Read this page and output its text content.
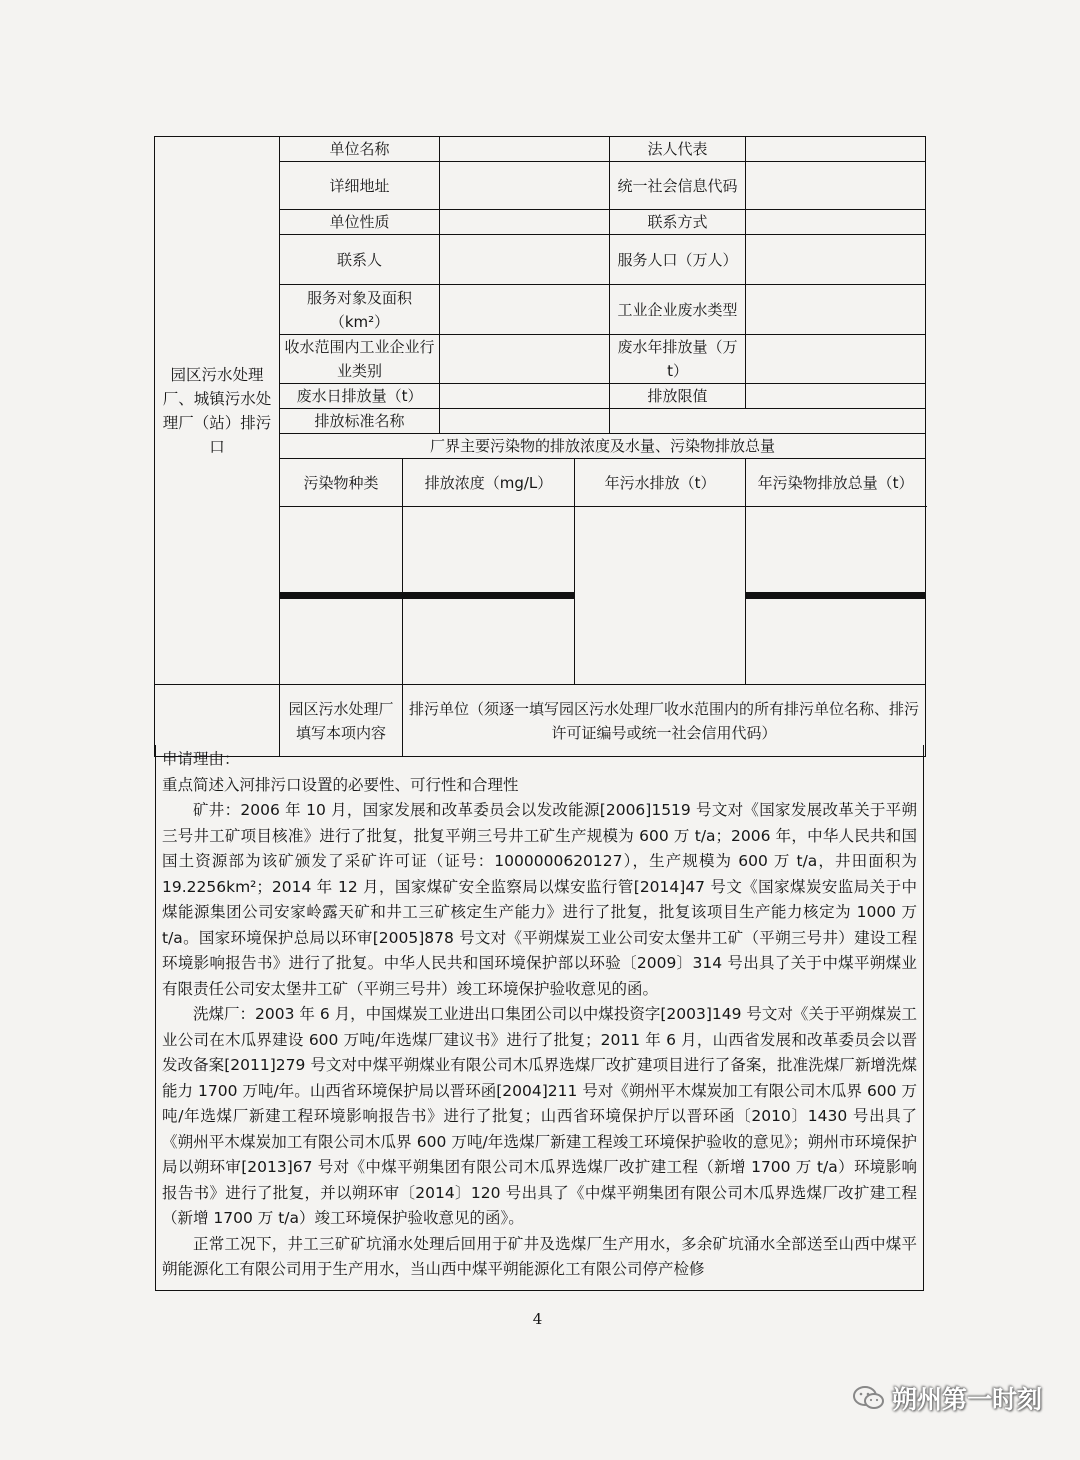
园区污水处理厂、城镇污水处理厂（站）排污口	单位名称				法人代表	
	详细地址				统一社会信息代码	
	单位性质				联系方式	
	联系人				服务人口（万人）	
	服务对象及面积（km²）				工业企业废水类型	
	收水范围内工业企业行业类别				废水年排放量（万t）	
	废水日排放量（t）				排放限值	
	排放标准名称					
	厂界主要污染物的排放浓度及水量、污染物排放总量					
	污染物种类	排放浓度（mg/L）		年污水排放（t）		年污染物排放总量（t）

	园区污水处理厂填写本项内容	排污单位（须逐一填写园区污水处理厂收水范围内的所有排污单位名称、排污许可证编号或统一社会信用代码）				

申请理由：

重点简述入河排污口设置的必要性、可行性和合理性

矿井：2006 年 10 月，国家发展和改革委员会以发改能源[2006]1519 号文对《国家发展改革关于平朔三号井工矿项目核准》进行了批复，批复平朔三号井工矿生产规模为 600 万 t/a；2006 年，中华人民共和国国土资源部为该矿颁发了采矿许可证（证号：1000000620127），生产规模为 600 万 t/a，井田面积为 19.2256km²；2014 年 12 月，国家煤矿安全监察局以煤安监行管[2014]47 号文《国家煤炭安监局关于中煤能源集团公司安家岭露天矿和井工三矿核定生产能力》进行了批复，批复该项目生产能力核定为 1000 万 t/a。国家环境保护总局以环审[2005]878 号文对《平朔煤炭工业公司安太堡井工矿（平朔三号井）建设工程环境影响报告书》进行了批复。中华人民共和国环境保护部以环验〔2009〕314 号出具了关于中煤平朔煤业有限责任公司安太堡井工矿（平朔三号井）竣工环境保护验收意见的函。

洗煤厂：2003 年 6 月，中国煤炭工业进出口集团公司以中煤投资字[2003]149 号文对《关于平朔煤炭工业公司在木瓜界建设 600 万吨/年选煤厂建议书》进行了批复；2011 年 6 月，山西省发展和改革委员会以晋发改备案[2011]279 号文对中煤平朔煤业有限公司木瓜界选煤厂改扩建项目进行了备案，批准洗煤厂新增洗煤能力 1700 万吨/年。山西省环境保护局以晋环函[2004]211 号对《朔州平木煤炭加工有限公司木瓜界 600 万吨/年选煤厂新建工程环境影响报告书》进行了批复；山西省环境保护厅以晋环函〔2010〕1430 号出具了《朔州平木煤炭加工有限公司木瓜界 600 万吨/年选煤厂新建工程竣工环境保护验收的意见》；朔州市环境保护局以朔环审[2013]67 号对《中煤平朔集团有限公司木瓜界选煤厂改扩建工程（新增 1700 万 t/a）环境影响报告书》进行了批复，并以朔环审〔2014〕120 号出具了《中煤平朔集团有限公司木瓜界选煤厂改扩建工程（新增 1700 万 t/a）竣工环境保护验收意见的函》。

正常工况下，井工三矿矿坑涌水处理后回用于矿井及选煤厂生产用水，多余矿坑涌水全部送至山西中煤平朔能源化工有限公司用于生产用水，当山西中煤平朔能源化工有限公司停产检修

4
朔州第一时刻
